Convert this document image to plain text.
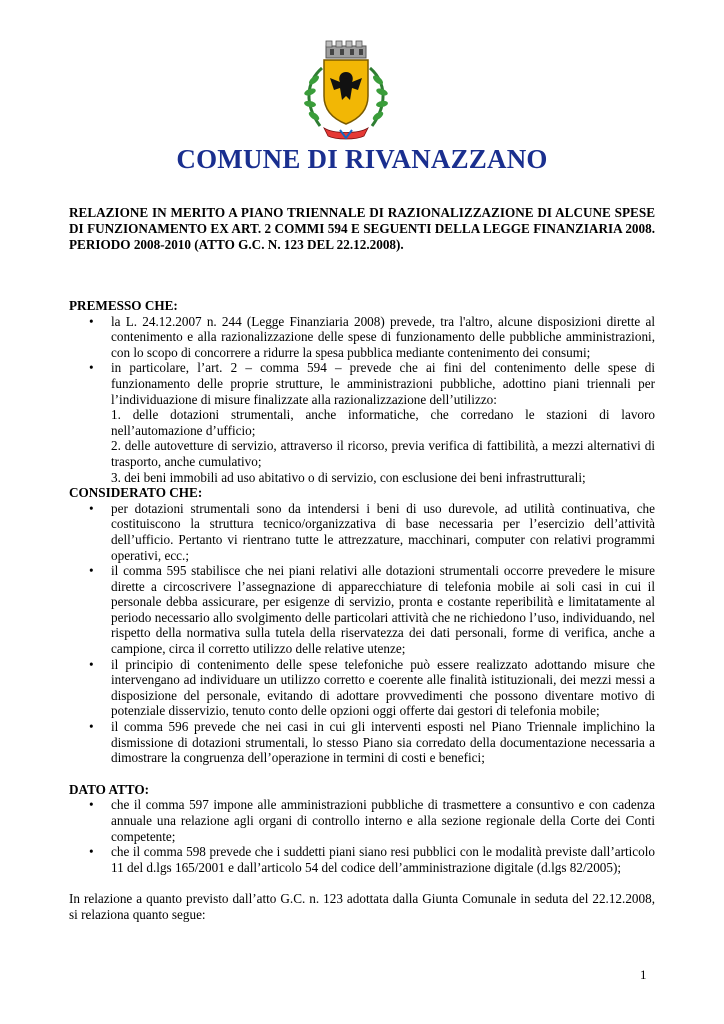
COMUNE DI RIVANAZZANO
RELAZIONE IN MERITO A PIANO TRIENNALE DI RAZIONALIZZAZIONE DI ALCUNE SPESE DI FUNZIONAMENTO EX ART. 2 COMMI 594 E SEGUENTI DELLA LEGGE FINANZIARIA 2008. PERIODO 2008-2010 (ATTO G.C. N. 123 DEL 22.12.2008).

PREMESSO CHE:

• la L. 24.12.2007 n. 244 (Legge Finanziaria 2008) prevede, tra l'altro, alcune disposizioni dirette al contenimento e alla razionalizzazione delle spese di funzionamento delle pubbliche amministrazioni, con lo scopo di concorrere a ridurre la spesa pubblica mediante contenimento dei consumi;
• in particolare, l’art. 2 – comma 594 – prevede che ai fini del contenimento delle spese di funzionamento delle proprie strutture, le amministrazioni pubbliche, adottino piani triennali per l’individuazione di misure finalizzate alla razionalizzazione dell’utilizzo:
1. delle dotazioni strumentali, anche informatiche, che corredano le stazioni di lavoro nell’automazione d’ufficio;
2. delle autovetture di servizio, attraverso il ricorso, previa verifica di fattibilità, a mezzi alternativi di trasporto, anche cumulativo;
3. dei beni immobili ad uso abitativo o di servizio, con esclusione dei beni infrastrutturali;

CONSIDERATO CHE:

• per dotazioni strumentali sono da intendersi i beni di uso durevole, ad utilità continuativa, che costituiscono la struttura tecnico/organizzativa di base necessaria per l’esercizio dell’attività dell’ufficio. Pertanto vi rientrano tutte le attrezzature, macchinari, computer con relativi programmi operativi, ecc.;
• il comma 595 stabilisce che nei piani relativi alle dotazioni strumentali occorre prevedere le misure dirette a circoscrivere l’assegnazione di apparecchiature di telefonia mobile ai soli casi in cui il personale debba assicurare, per esigenze di servizio, pronta e costante reperibilità e limitatamente al periodo necessario allo svolgimento delle particolari attività che ne richiedono l’uso, individuando, nel rispetto della normativa sulla tutela della riservatezza dei dati personali, forme di verifica, anche a campione, circa il corretto utilizzo delle relative utenze;
• il principio di contenimento delle spese telefoniche può essere realizzato adottando misure che intervengano ad individuare un utilizzo corretto e coerente alle finalità istituzionali, dei mezzi messi a disposizione del personale, evitando di adottare provvedimenti che possono diventare motivo di potenziale disservizio, tenuto conto delle opzioni oggi offerte dai gestori di telefonia mobile;
• il comma 596 prevede che nei casi in cui gli interventi esposti nel Piano Triennale implichino la dismissione di dotazioni strumentali, lo stesso Piano sia corredato della documentazione necessaria a dimostrare la congruenza dell’operazione in termini di costi e benefici;

DATO ATTO:

• che il comma 597 impone alle amministrazioni pubbliche di trasmettere a consuntivo e con cadenza annuale una relazione agli organi di controllo interno e alla sezione regionale della Corte dei Conti competente;
• che il comma 598 prevede che i suddetti piani siano resi pubblici con le modalità previste dall’articolo 11 del d.lgs 165/2001 e dall’articolo 54 del codice dell’amministrazione digitale (d.lgs 82/2005);

In relazione a quanto previsto dall’atto G.C. n. 123 adottata dalla Giunta Comunale in seduta del 22.12.2008, si relaziona quanto segue:

1
